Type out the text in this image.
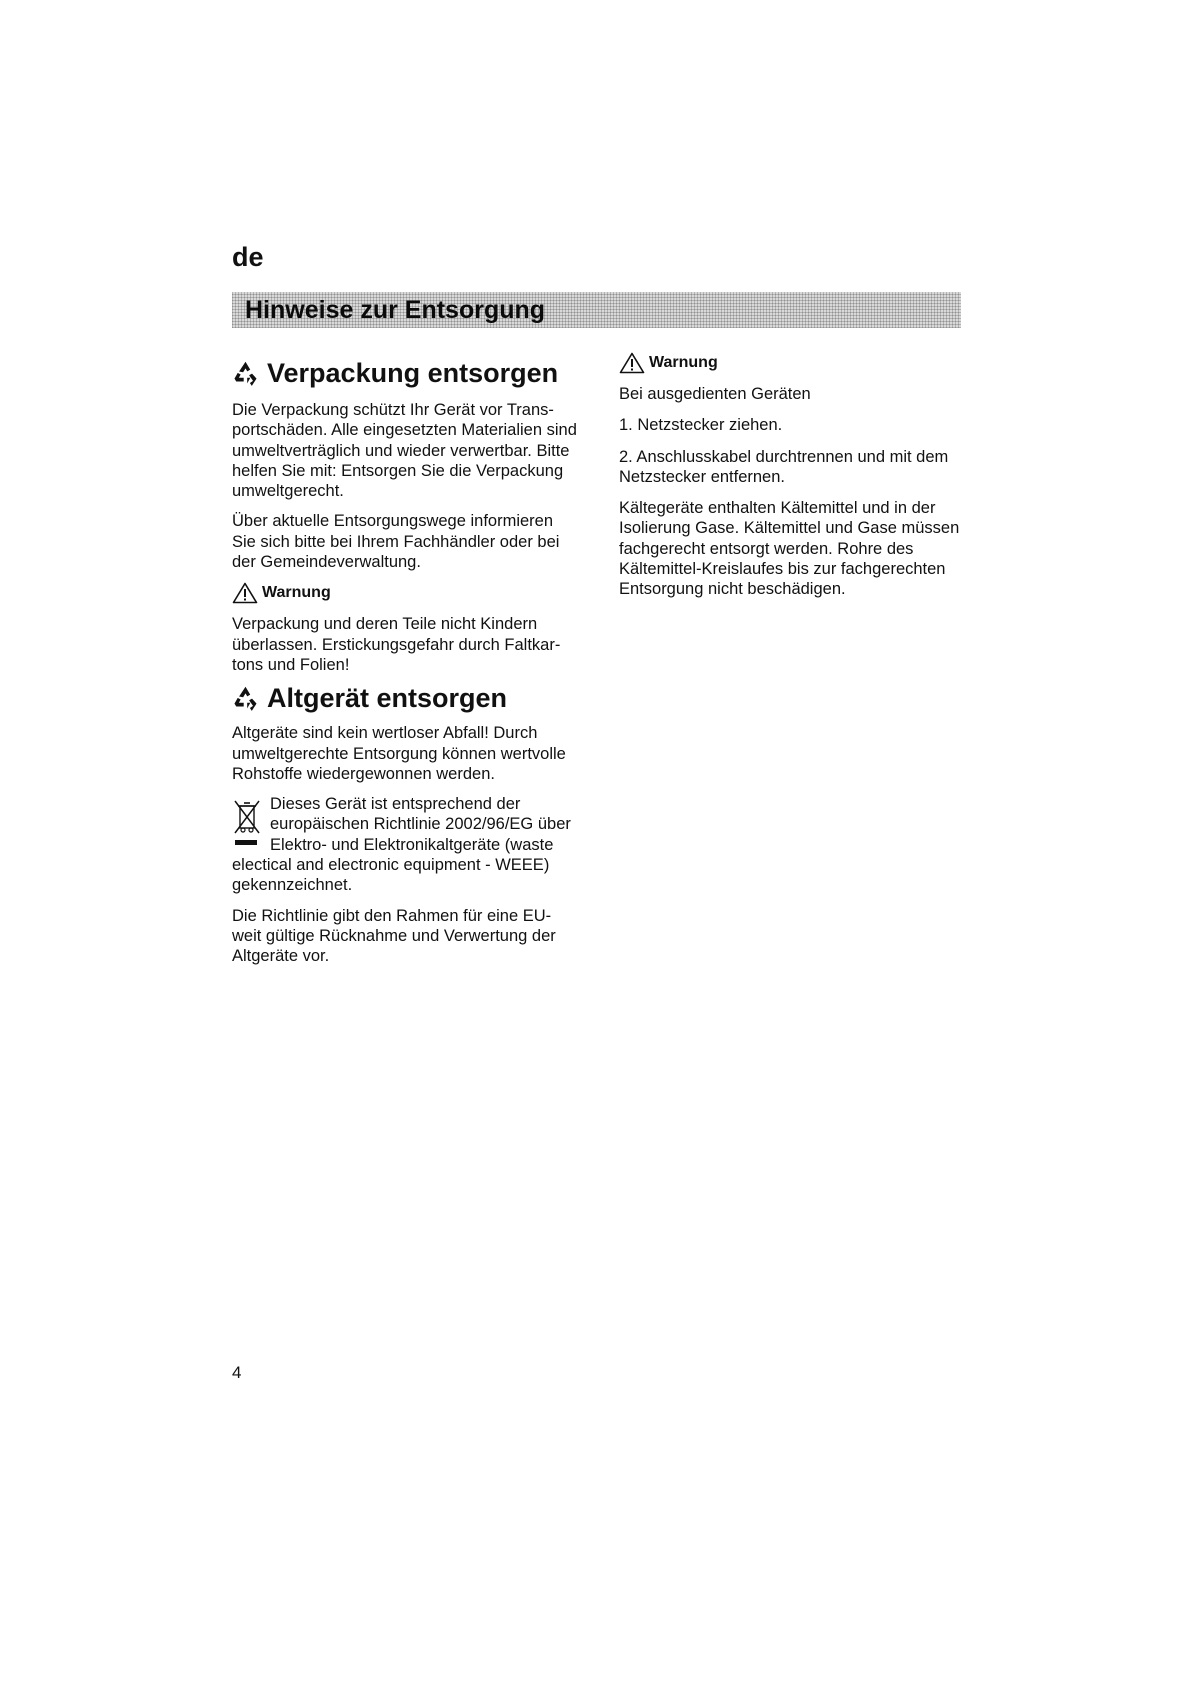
de
Hinweise zur Entsorgung
Verpackung entsorgen

Die Verpackung schützt Ihr Gerät vor Transportschäden. Alle eingesetzten Materialien sind umweltverträglich und wieder verwertbar. Bitte helfen Sie mit: Entsorgen Sie die Verpackung umweltgerecht.

Über aktuelle Entsorgungswege informieren Sie sich bitte bei Ihrem Fachhändler oder bei der Gemeindeverwaltung.

Warnung

Verpackung und deren Teile nicht Kindern überlassen. Erstickungsgefahr durch Faltkartons und Folien!

Altgerät entsorgen

Altgeräte sind kein wertloser Abfall! Durch umweltgerechte Entsorgung können wertvolle Rohstoffe wiedergewonnen werden.

Dieses Gerät ist entsprechend der europäischen Richtlinie 2002/96/EG über Elektro- und Elektronikaltgeräte (waste electical and electronic equipment - WEEE) gekennzeichnet.

Die Richtlinie gibt den Rahmen für eine EU-weit gültige Rücknahme und Verwertung der Altgeräte vor.

Warnung

Bei ausgedienten Geräten

1. Netzstecker ziehen.

2. Anschlusskabel durchtrennen und mit dem Netzstecker entfernen.

Kältegeräte enthalten Kältemittel und in der Isolierung Gase. Kältemittel und Gase müssen fachgerecht entsorgt werden. Rohre des Kältemittel-Kreislaufes bis zur fachgerechten Entsorgung nicht beschädigen.

4
